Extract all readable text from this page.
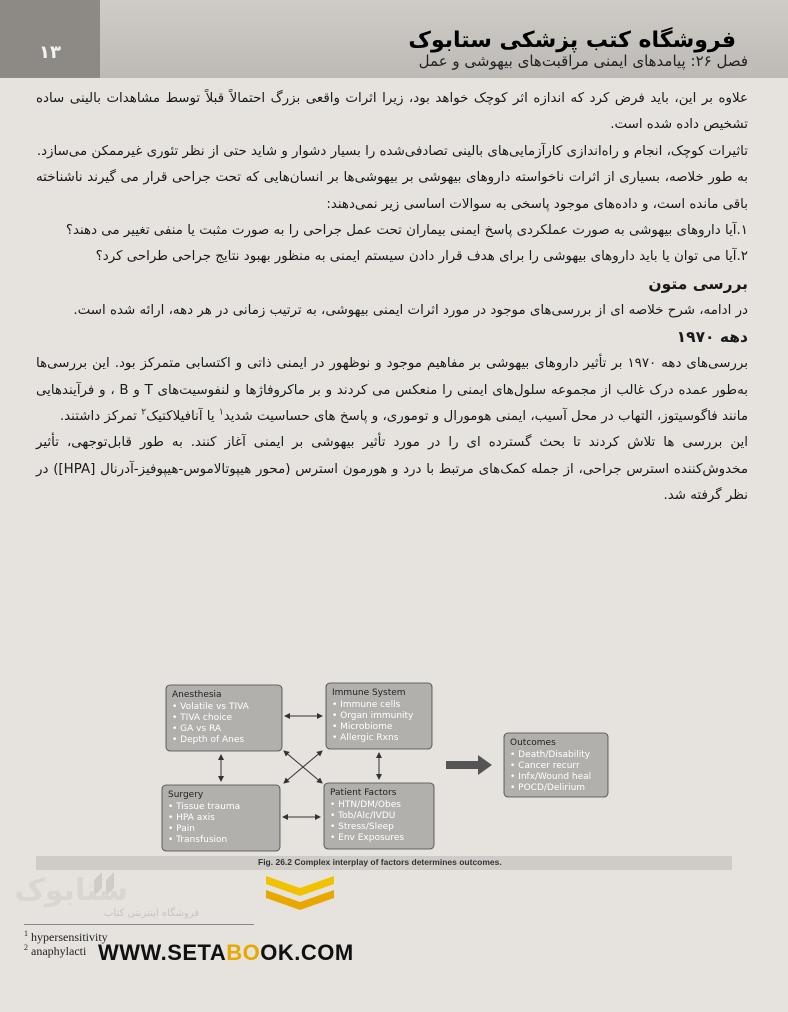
۱۳	فروشگاه کتب پزشکی ستابوک
فصل ۲۶: پیامدهای ایمنی مراقبت‌های بیهوشی و عمل

علاوه بر این، باید فرض کرد که اندازه اثر کوچک خواهد بود، زیرا اثرات واقعی بزرگ احتمالاً قبلاً توسط مشاهدات بالینی ساده تشخیص داده شده است.

تاثیرات کوچک، انجام و راه‌اندازی کارآزمایی‌های بالینی تصادفی‌شده را بسیار دشوار و شاید حتی از نظر تئوری غیرممکن می‌سازد.

به طور خلاصه، بسیاری از اثرات ناخواسته داروهای بیهوشی بر بیهوشی‌ها بر انسان‌هایی که تحت جراحی قرار می گیرند ناشناخته باقی مانده است، و داده‌های موجود پاسخی به سوالات اساسی زیر نمی‌دهند:

۱.آیا داروهای بیهوشی به صورت عملکردی پاسخ ایمنی بیماران تحت عمل جراحی را به صورت مثبت یا منفی تغییر می دهند؟

۲.آیا می توان یا باید داروهای بیهوشی را برای هدف قرار دادن سیستم ایمنی به منظور بهبود نتایج جراحی طراحی کرد؟

بررسی متون

در ادامه، شرح خلاصه ای از بررسی‌های موجود در مورد اثرات ایمنی بیهوشی، به ترتیب زمانی در هر دهه، ارائه شده است.

دهه ۱۹۷۰

بررسی‌های دهه ۱۹۷۰ بر تأثیر داروهای بیهوشی بر مفاهیم موجود و نوظهور در ایمنی ذاتی و اکتسابی متمرکز بود. این بررسی‌ها به‌طور عمده درک غالب از مجموعه سلول‌های ایمنی را منعکس می کردند و بر ماکروفاژها و لنفوسیت‌های T و B ، و فرآیندهایی مانند فاگوسیتوز، التهاب در محل آسیب، ایمنی هومورال و توموری، و پاسخ های حساسیت شدید$^۱$ یا آنافیلاکتیک$^۲$ تمرکز داشتند.

این بررسی ها تلاش کردند تا بحث گسترده ای را در مورد تأثیر بیهوشی بر ایمنی آغاز کنند. به طور قابل‌توجهی، تأثیر مخدوش‌کننده استرس جراحی، از جمله کمک‌های مرتبط با درد و هورمون استرس (محور هیپوتالاموس-هیپوفیز-آدرنال [HPA]) در نظر گرفته شد.

Anesthesia
• Volatile vs TIVA
• TIVA choice
• GA vs RA
• Depth of Anes
Immune System
• Immune cells
• Organ immunity
• Microbiome
• Allergic Rxns
Surgery
• Tissue trauma
• HPA axis
• Pain
• Transfusion
Patient Factors
• HTN/DM/Obes
• Tob/Alc/IVDU
• Stress/Sleep
• Env Exposures
Outcomes
• Death/Disability
• Cancer recurr
• Infx/Wound heal
• POCD/Delirium
Fig. 26.2 Complex interplay of factors determines outcomes.
ستابوک
فروشگاه اینترنتی کتاب
$^1$ hypersensitivity
$^2$ anaphylacti WWW.SETABOOK.COM
